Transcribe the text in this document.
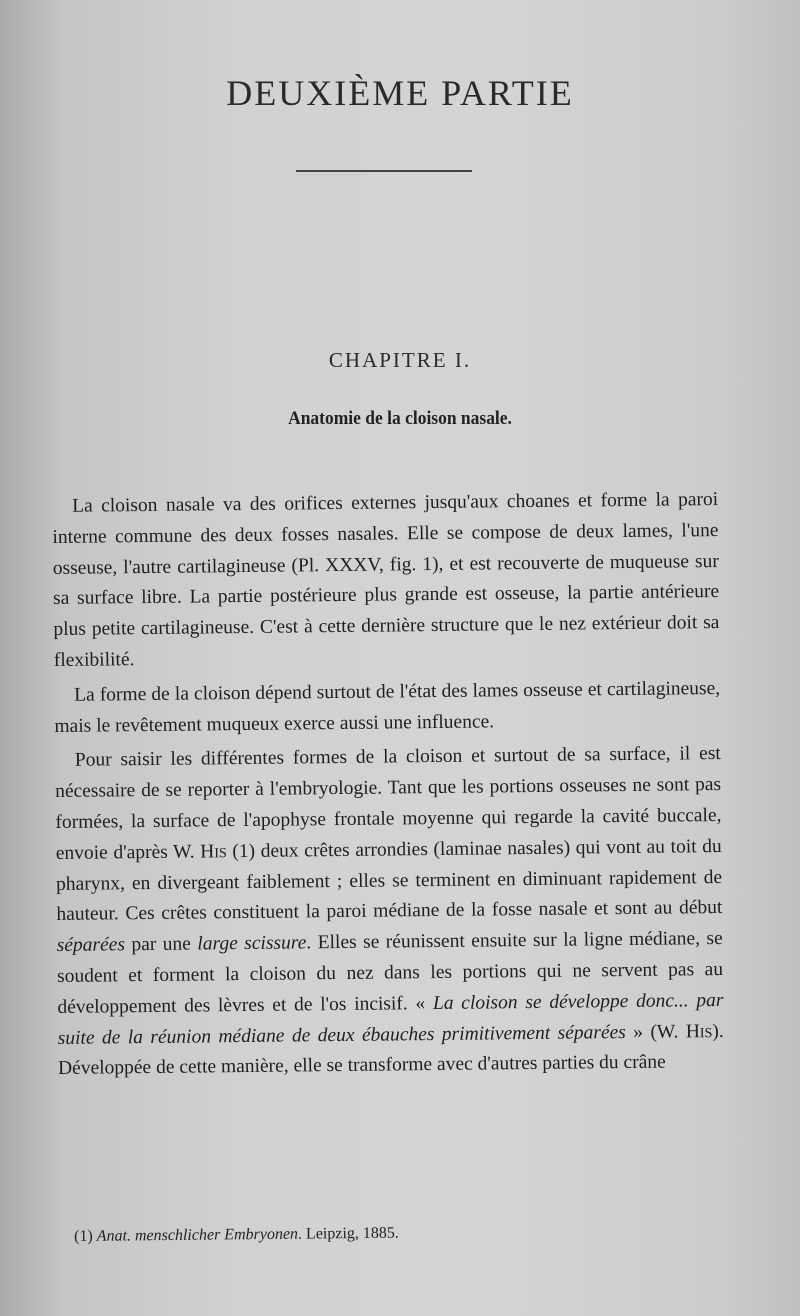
DEUXIÈME PARTIE
CHAPITRE I.
Anatomie de la cloison nasale.

La cloison nasale va des orifices externes jusqu'aux choanes et forme la paroi interne commune des deux fosses nasales. Elle se compose de deux lames, l'une osseuse, l'autre cartilagineuse (Pl. XXXV, fig. 1), et est recouverte de muqueuse sur sa surface libre. La partie postérieure plus grande est osseuse, la partie antérieure plus petite cartilagineuse. C'est à cette dernière structure que le nez extérieur doit sa flexibilité.

La forme de la cloison dépend surtout de l'état des lames osseuse et cartilagineuse, mais le revêtement muqueux exerce aussi une influence.

Pour saisir les différentes formes de la cloison et surtout de sa surface, il est nécessaire de se reporter à l'embryologie. Tant que les portions osseuses ne sont pas formées, la surface de l'apophyse frontale moyenne qui regarde la cavité buccale, envoie d'après W. His (1) deux crêtes arrondies (laminae nasales) qui vont au toit du pharynx, en divergeant faiblement ; elles se terminent en diminuant rapidement de hauteur. Ces crêtes constituent la paroi médiane de la fosse nasale et sont au début séparées par une large scissure. Elles se réunissent ensuite sur la ligne médiane, se soudent et forment la cloison du nez dans les portions qui ne servent pas au développement des lèvres et de l'os incisif. « La cloison se développe donc... par suite de la réunion médiane de deux ébauches primitivement séparées » (W. His). Développée de cette manière, elle se transforme avec d'autres parties du crâne

(1) Anat. menschlicher Embryonen. Leipzig, 1885.
